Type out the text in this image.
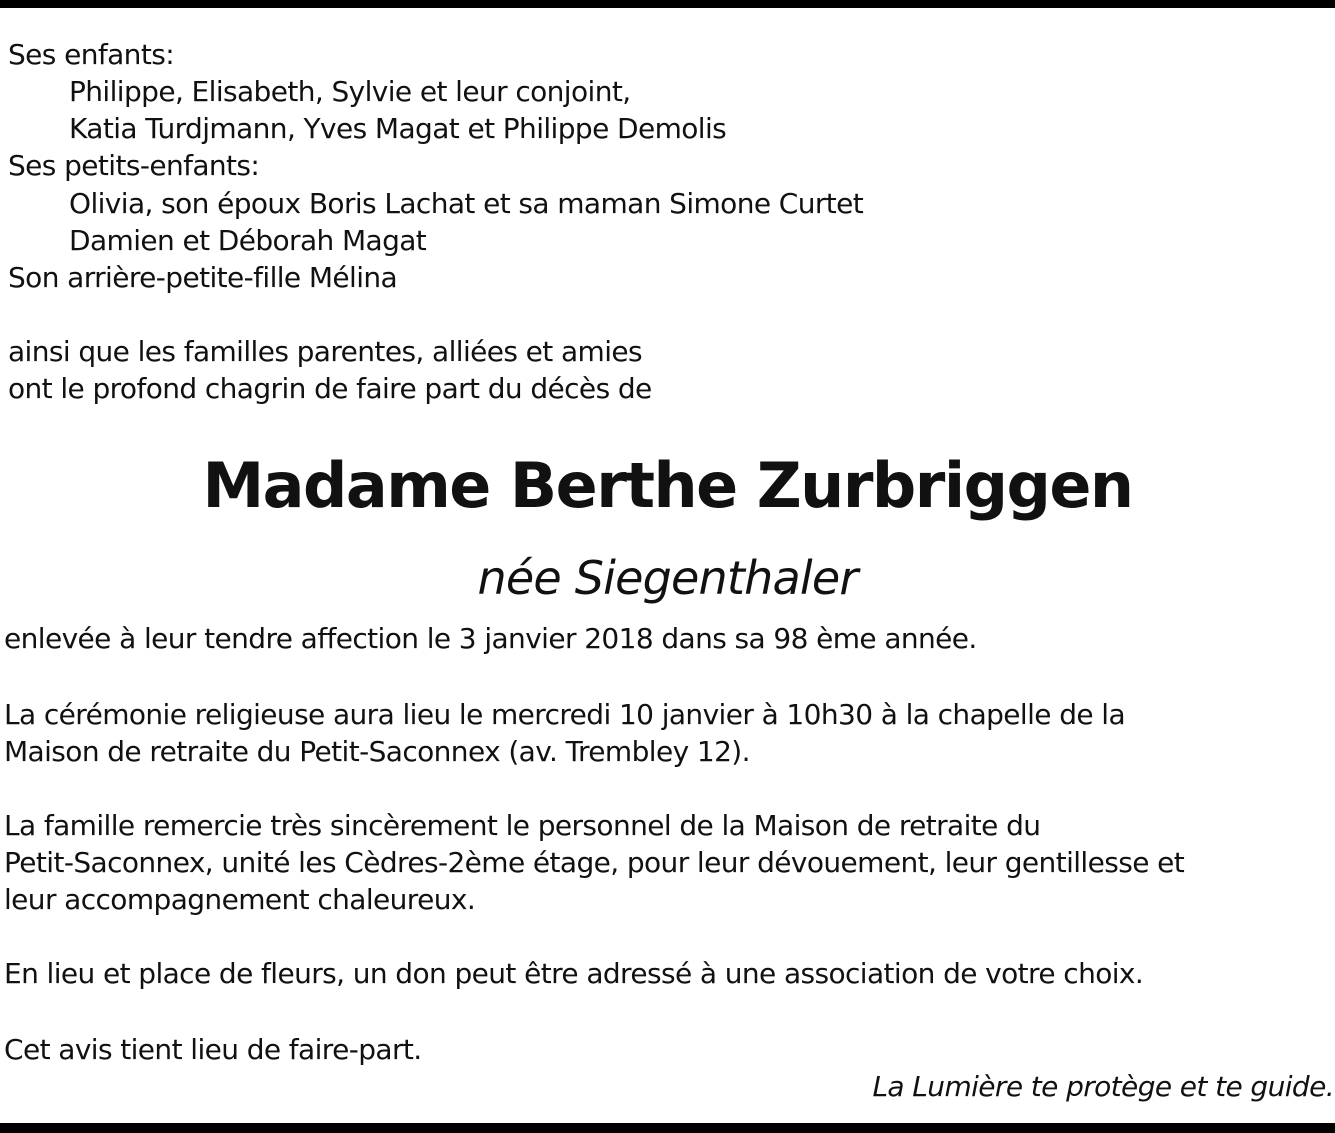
Ses enfants:
Philippe, Elisabeth, Sylvie et leur conjoint,
Katia Turdjmann, Yves Magat et Philippe Demolis
Ses petits-enfants:
Olivia, son époux Boris Lachat et sa maman Simone Curtet
Damien et Déborah Magat
Son arrière-petite-fille Mélina
ainsi que les familles parentes, alliées et amies
ont le profond chagrin de faire part du décès de
Madame Berthe Zurbriggen
née Siegenthaler
enlevée à leur tendre affection le 3 janvier 2018 dans sa 98 ème année.
La cérémonie religieuse aura lieu le mercredi 10 janvier à 10h30 à la chapelle de la
Maison de retraite du Petit-Saconnex (av. Trembley 12).
La famille remercie très sincèrement le personnel de la Maison de retraite du
Petit-Saconnex, unité les Cèdres-2ème étage, pour leur dévouement, leur gentillesse et
leur accompagnement chaleureux.
En lieu et place de fleurs, un don peut être adressé à une association de votre choix.
Cet avis tient lieu de faire-part.
La Lumière te protège et te guide.
